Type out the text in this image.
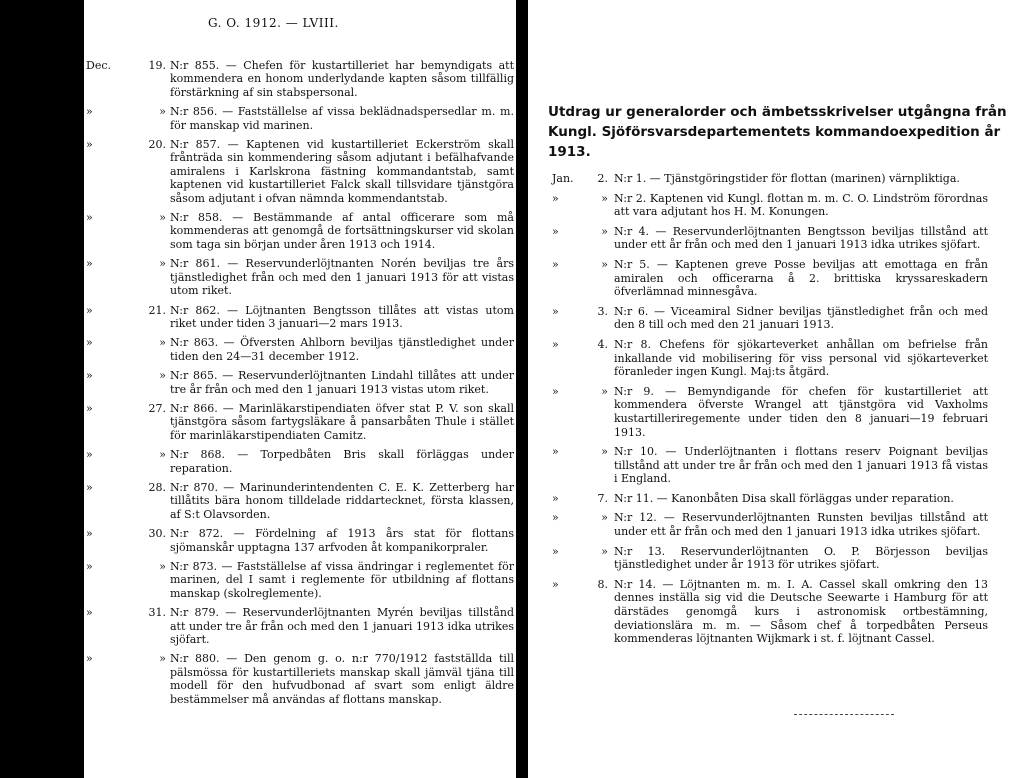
G. O. 1912. — LVIII.
Dec.	19. N:r 855. — Chefen för kustartilleriet har bemyndigats att kommendera en honom underlydande kapten såsom tillfällig förstärkning af sin stabspersonal.
»	» N:r 856. — Fastställelse af vissa beklädnadspersedlar m. m. för manskap vid marinen.
»	20. N:r 857. — Kaptenen vid kustartilleriet Eckerström skall frånträda sin kommendering såsom adjutant i befälhafvande amiralens i Karlskrona fästning kommandantstab, samt kaptenen vid kustartilleriet Falck skall tillsvidare tjänstgöra såsom adjutant i ofvan nämnda kommendantstab.
»	» N:r 858. — Bestämmande af antal officerare som må kommenderas att genomgå de fortsättningskurser vid skolan som taga sin början under åren 1913 och 1914.
»	» N:r 861. — Reservunderlöjtnanten Norén beviljas tre års tjänstledighet från och med den 1 januari 1913 för att vistas utom riket.
»	21. N:r 862. — Löjtnanten Bengtsson tillåtes att vistas utom riket under tiden 3 januari—2 mars 1913.
»	» N:r 863. — Öfversten Ahlborn beviljas tjänstledighet under tiden den 24—31 december 1912.
»	» N:r 865. — Reservunderlöjtnanten Lindahl tillåtes att under tre år från och med den 1 januari 1913 vistas utom riket.
»	27. N:r 866. — Marinläkarstipendiaten öfver stat P. V. son skall tjänstgöra såsom fartygsläkare å pansarbåten Thule i stället för marinläkarstipendiaten Camitz.
»	» N:r 868. — Torpedbåten Bris skall förläggas under reparation.
»	28. N:r 870. — Marinunderintendenten C. E. K. Zetterberg har tillåtits bära honom tilldelade riddartecknet, första klassen, af S:t Olavsorden.
»	30. N:r 872. — Fördelning af 1913 års stat för flottans sjömanskår upptagna 137 arfvoden åt kompanikorpraler.
»	» N:r 873. — Fastställelse af vissa ändringar i reglementet för marinen, del I samt i reglemente för utbildning af flottans manskap (skolreglemente).
»	31. N:r 879. — Reservunderlöjtnanten Myrén beviljas tillstånd att under tre år från och med den 1 januari 1913 idka utrikes sjöfart.
»	» N:r 880. — Den genom g. o. n:r 770/1912 fastställda till pälsmössa för kustartilleriets manskap skall jämväl tjäna till modell för den hufvudbonad af svart som enligt äldre bestämmelser må användas af flottans manskap.
Utdrag ur generalorder och ämbetsskrivelser utgångna från Kungl. Sjöförsvarsdepartementets kommandoexpedition år 1913.
Jan.	2. N:r 1. — Tjänstgöringstider för flottan (marinen) värnpliktiga.
»	» N:r 2. Kaptenen vid Kungl. flottan m. m. C. O. Lindström förordnas att vara adjutant hos H. M. Konungen.
»	» N:r 4. — Reservunderlöjtnanten Bengtsson beviljas tillstånd att under ett år från och med den 1 januari 1913 idka utrikes sjöfart.
»	» N:r 5. — Kaptenen greve Posse beviljas att emottaga en från amiralen och officerarna å 2. brittiska kryssareskadern öfverlämnad minnesgåva.
»	3. N:r 6. — Viceamiral Sidner beviljas tjänstledighet från och med den 8 till och med den 21 januari 1913.
»	4. N:r 8. Chefens för sjökarteverket anhållan om befrielse från inkallande vid mobilisering för viss personal vid sjökarteverket föranleder ingen Kungl. Maj:ts åtgärd.
»	» N:r 9. — Bemyndigande för chefen för kustartilleriet att kommendera öfverste Wrangel att tjänstgöra vid Vaxholms kustartilleriregemente under tiden den 8 januari—19 februari 1913.
»	» N:r 10. — Underlöjtnanten i flottans reserv Poignant beviljas tillstånd att under tre år från och med den 1 januari 1913 få vistas i England.
»	7. N:r 11. — Kanonbåten Disa skall förläggas under reparation.
»	» N:r 12. — Reservunderlöjtnanten Runsten beviljas tillstånd att under ett år från och med den 1 januari 1913 idka utrikes sjöfart.
»	» N:r 13. Reservunderlöjtnanten O. P. Börjesson beviljas tjänstledighet under år 1913 för utrikes sjöfart.
»	8. N:r 14. — Löjtnanten m. m. I. A. Cassel skall omkring den 13 dennes inställa sig vid die Deutsche Seewarte i Hamburg för att därstädes genomgå kurs i astronomisk ortbestämning, deviationslära m. m. — Såsom chef å torpedbåten Perseus kommenderas löjtnanten Wijkmark i st. f. löjtnant Cassel.
